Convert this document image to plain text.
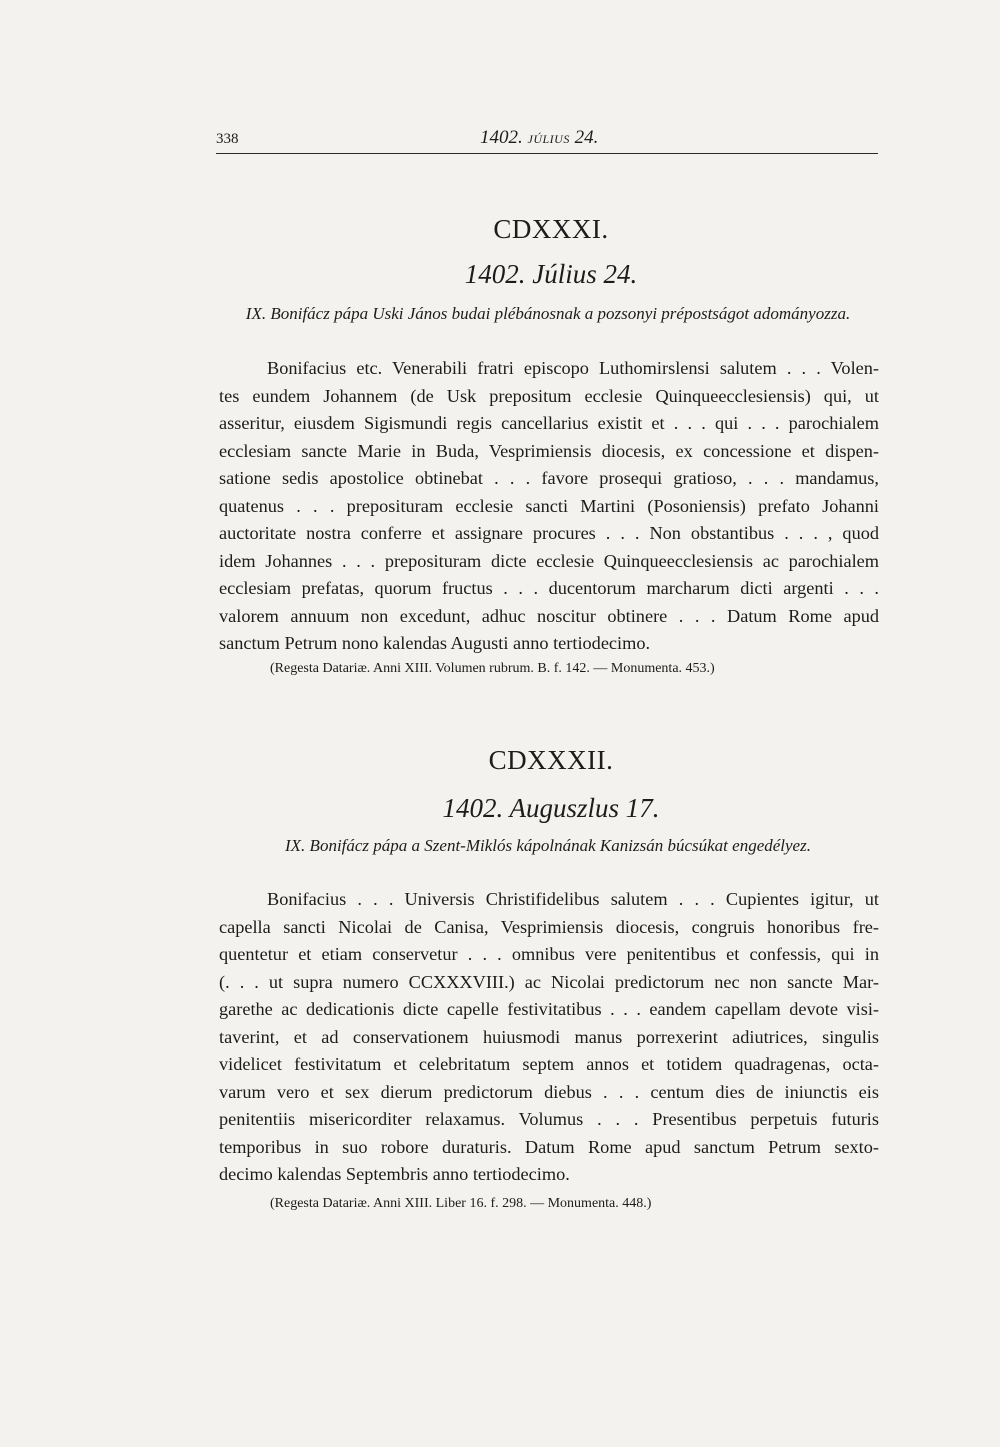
338	1402. JÚLIUS 24.
CDXXXI.
1402. Július 24.
IX. Bonifácz pápa Uski János budai plébánosnak a pozsonyi prépostságot adományozza.
Bonifacius etc. Venerabili fratri episcopo Luthomirslensi salutem . . . Volen-
tes eundem Johannem (de Usk prepositum ecclesie Quinqueecclesiensis) qui, ut
asseritur, eiusdem Sigismundi regis cancellarius existit et . . . qui . . . parochialem
ecclesiam sancte Marie in Buda, Vesprimiensis diocesis, ex concessione et dispen-
satione sedis apostolice obtinebat . . . favore prosequi gratioso, . . . mandamus,
quatenus . . . preposituram ecclesie sancti Martini (Posoniensis) prefato Johanni
auctoritate nostra conferre et assignare procures . . . Non obstantibus . . . , quod
idem Johannes . . . preposituram dicte ecclesie Quinqueecclesiensis ac parochialem
ecclesiam prefatas, quorum fructus . . . ducentorum marcharum dicti argenti . . .
valorem annuum non excedunt, adhuc noscitur obtinere . . . Datum Rome apud
sanctum Petrum nono kalendas Augusti anno tertiodecimo.
(Regesta Datariæ. Anni XIII. Volumen rubrum. B. f. 142. — Monumenta. 453.)
CDXXXII.
1402. Auguszlus 17.
IX. Bonifácz pápa a Szent-Miklós kápolnának Kanizsán búcsúkat engedélyez.
Bonifacius . . . Universis Christifidelibus salutem . . . Cupientes igitur, ut
capella sancti Nicolai de Canisa, Vesprimiensis diocesis, congruis honoribus fre-
quentetur et etiam conservetur . . . omnibus vere penitentibus et confessis, qui in
(. . . ut supra numero CCXXXVIII.) ac Nicolai predictorum nec non sancte Mar-
garethe ac dedicationis dicte capelle festivitatibus . . . eandem capellam devote visi-
taverint, et ad conservationem huiusmodi manus porrexerint adiutrices, singulis
videlicet festivitatum et celebritatum septem annos et totidem quadragenas, octa-
varum vero et sex dierum predictorum diebus . . . centum dies de iniunctis eis
penitentiis misericorditer relaxamus. Volumus . . . Presentibus perpetuis futuris
temporibus in suo robore duraturis. Datum Rome apud sanctum Petrum sexto-
decimo kalendas Septembris anno tertiodecimo.
(Regesta Datariæ. Anni XIII. Liber 16. f. 298. — Monumenta. 448.)
